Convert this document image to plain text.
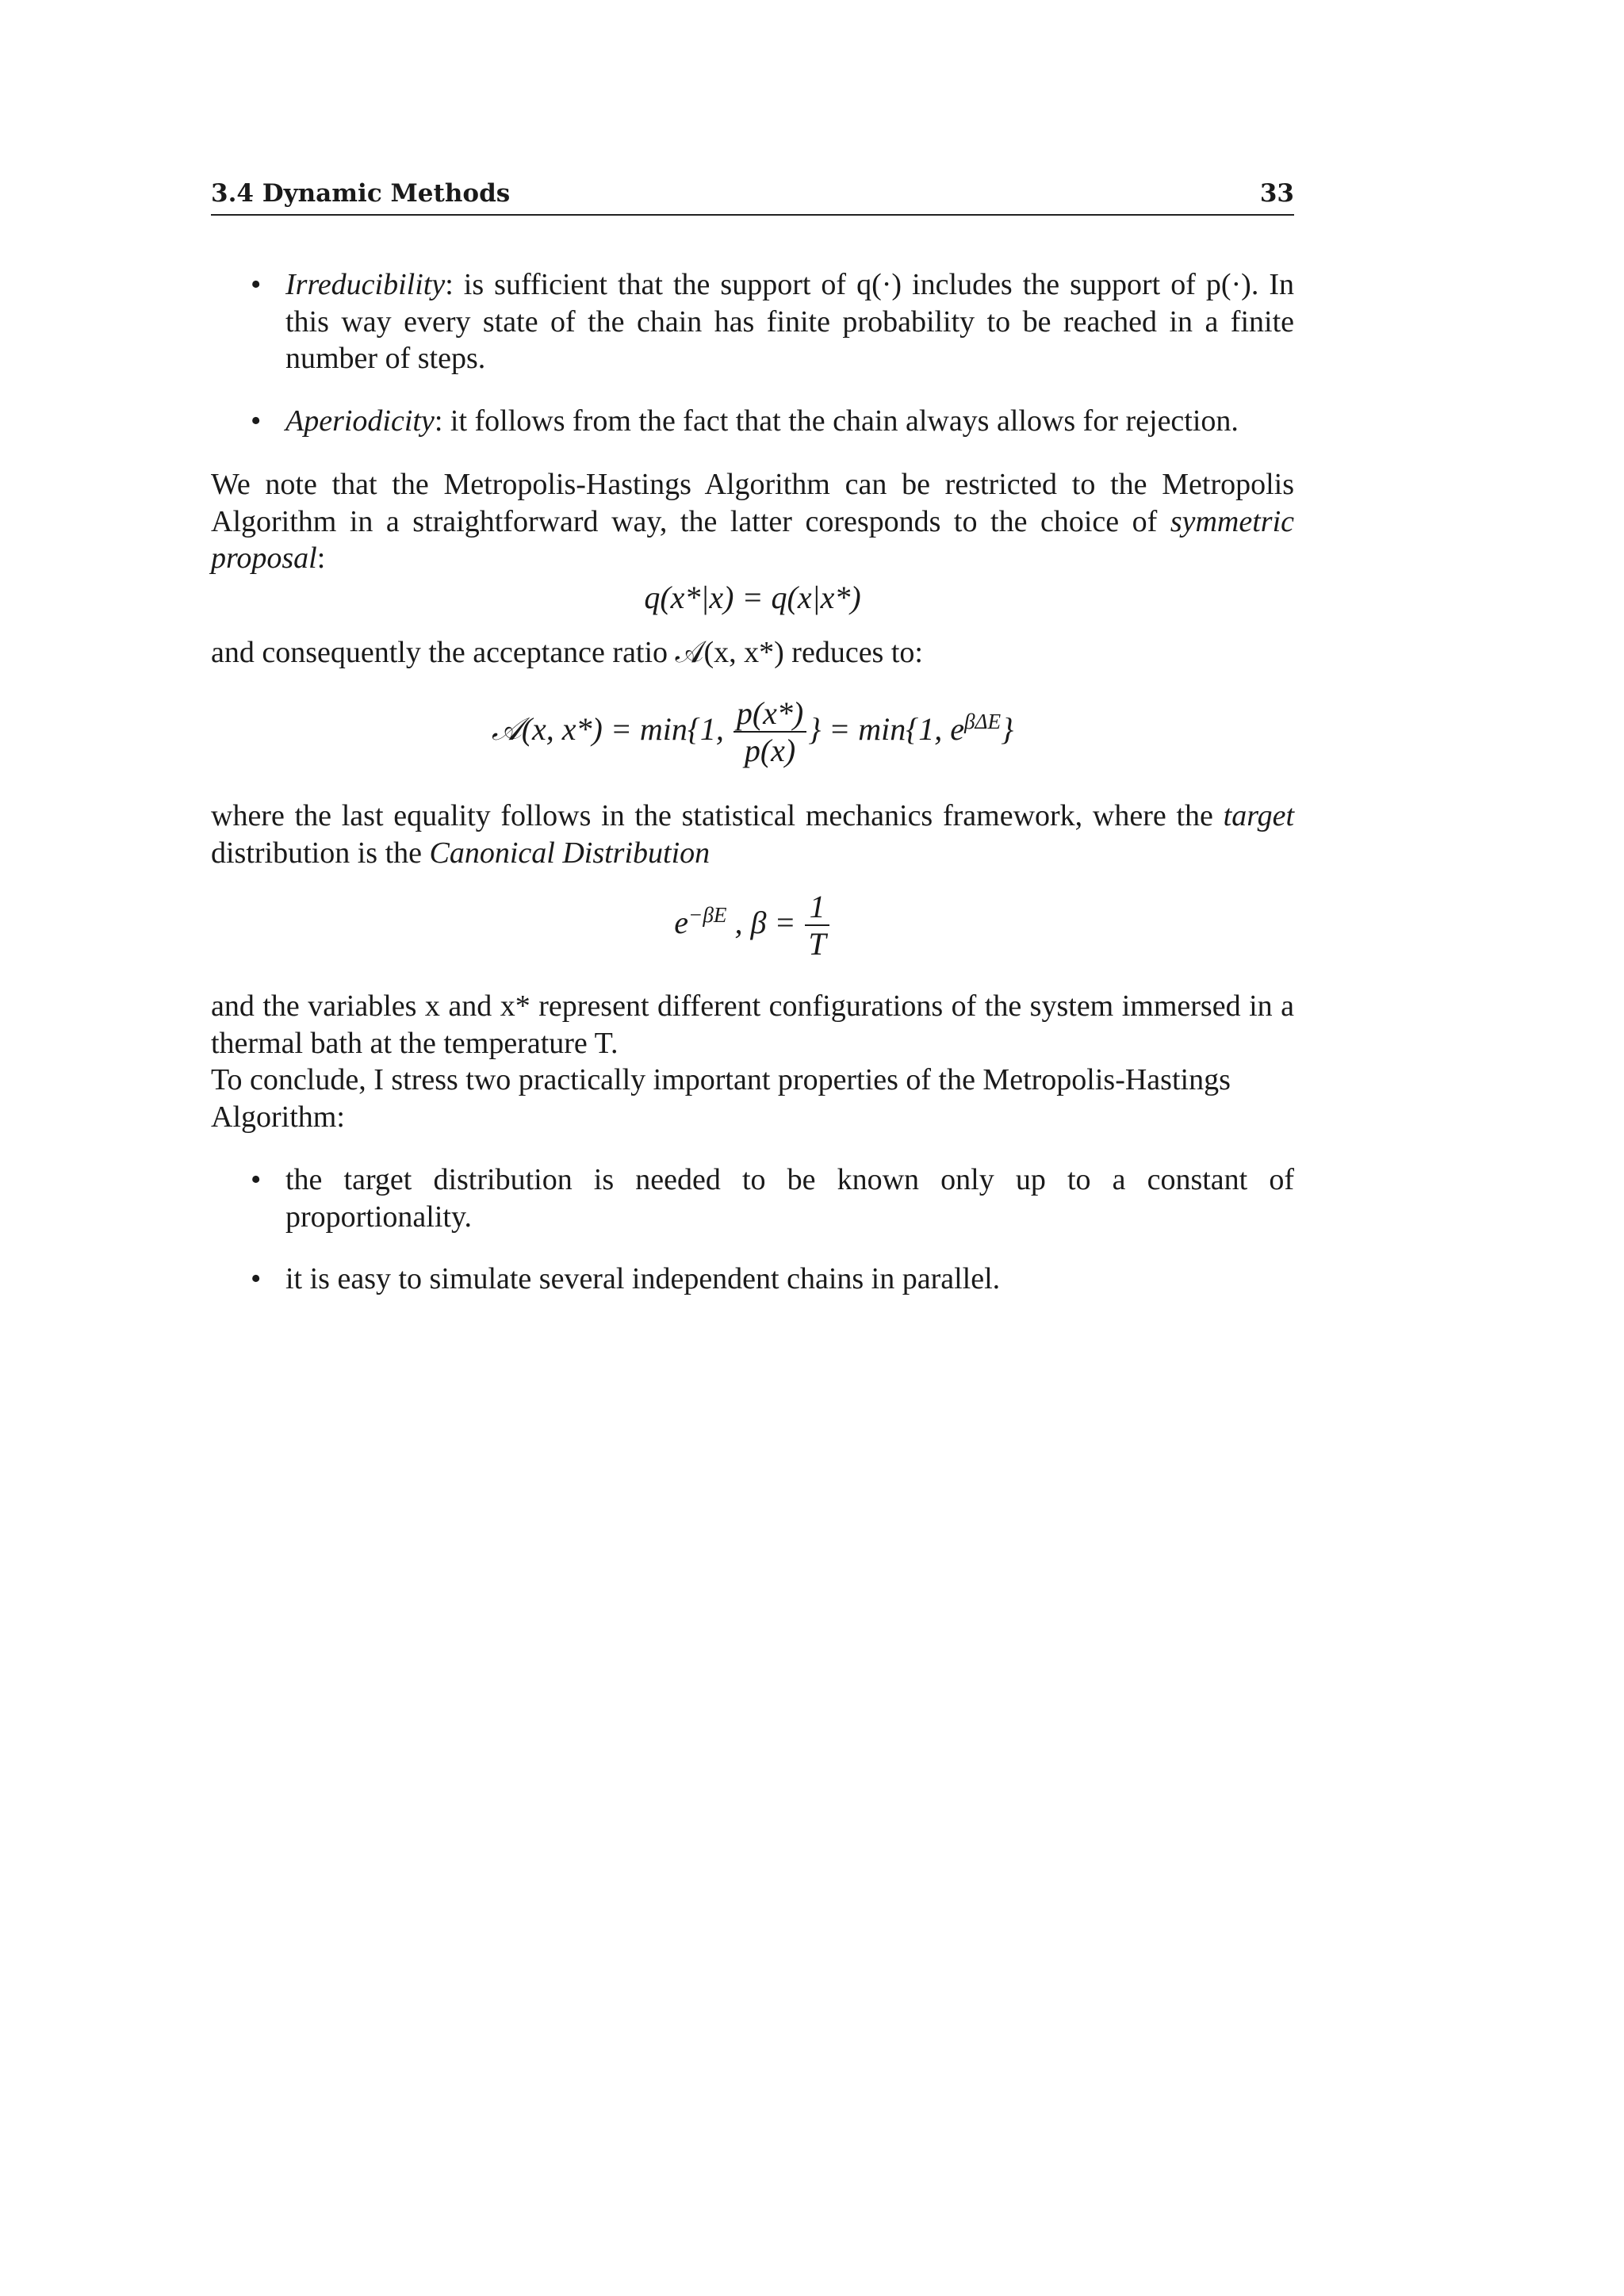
3.4 Dynamic Methods	33
• Irreducibility: is sufficient that the support of q(·) includes the support of p(·). In this way every state of the chain has finite probability to be reached in a finite number of steps.
• Aperiodicity: it follows from the fact that the chain always allows for rejection.
We note that the Metropolis-Hastings Algorithm can be restricted to the Metropolis Algorithm in a straightforward way, the latter coresponds to the choice of symmetric proposal:
q(x*|x) = q(x|x*)
and consequently the acceptance ratio 𝒜(x, x*) reduces to:
𝒜(x, x*) = min{1, $\frac{p(x*)}{p(x)}$ } = min{1, $e^{\beta\Delta E}$}
where the last equality follows in the statistical mechanics framework, where the target distribution is the Canonical Distribution
$e^{-\beta E}$ , $\beta = \frac{1}{T}$
and the variables x and x* represent different configurations of the system immersed in a thermal bath at the temperature T.
To conclude, I stress two practically important properties of the Metropolis-Hastings Algorithm:
• the target distribution is needed to be known only up to a constant of proportionality.
• it is easy to simulate several independent chains in parallel.
